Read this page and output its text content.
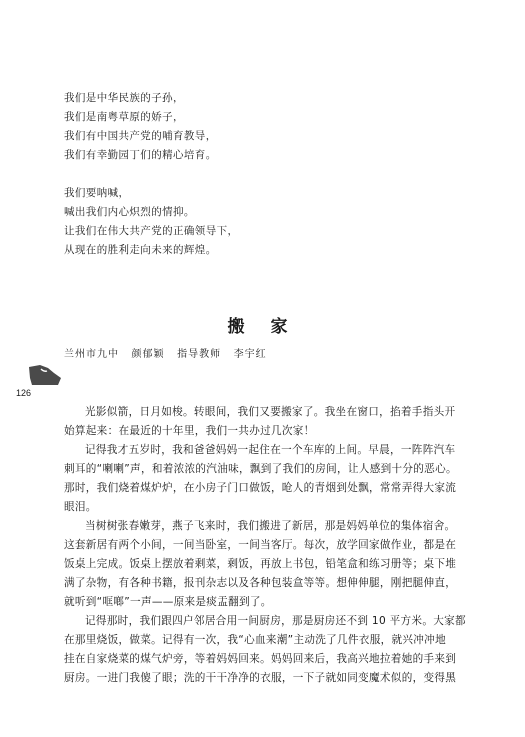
我们是中华民族的子孙，
我们是南粤草原的娇子，
我们有中国共产党的哺育教导，
我们有幸勤园丁们的精心培育。
我们要呐喊，
喊出我们内心炽烈的情抑。
让我们在伟大共产党的正确领导下，
从现在的胜利走向未来的辉煌。
搬 家
兰州市九中   颜郁颖   指导教师   李宇红
126
光影似箭，日月如梭。转眼间，我们又要搬家了。我坐在窗口，掐着手指头开
始算起来：在最近的十年里，我们一共办过几次家！
记得我才五岁时，我和爸爸妈妈一起住在一个车库的上间。早晨，一阵阵汽车
刺耳的“喇喇”声，和着浓浓的汽油味，飘到了我们的房间，让人感到十分的恶心。
那时，我们烧着煤炉炉，在小房子门口做饭，呛人的青烟到处飘，常常弄得大家流
眼泪。
当树树张春嫩芽，燕子飞来时，我们搬进了新居，那是妈妈单位的集体宿舍。
这套新居有两个小间，一间当卧室，一间当客厅。每次，放学回家做作业，都是在
饭桌上完成。饭桌上摆放着剩菜，剩饭，再放上书包，铅笔盒和练习册等；桌下堆
满了杂物，有各种书籍，报刊杂志以及各种包装盒等等。想伸伸腿，刚把腿伸直，
就听到“哐啷”一声——原来是痰盂翻到了。
记得那时，我们跟四户邻居合用一间厨房，那是厨房还不到 10 平方米。大家都
在那里烧饭，做菜。记得有一次，我“心血来潮”主动洗了几件衣服，就兴冲冲地
挂在自家烧菜的煤气炉旁，等着妈妈回来。妈妈回来后，我高兴地拉着她的手来到
厨房。一进门我傻了眼；洗的干干净净的衣服，一下子就如同变魔术似的，变得黑
